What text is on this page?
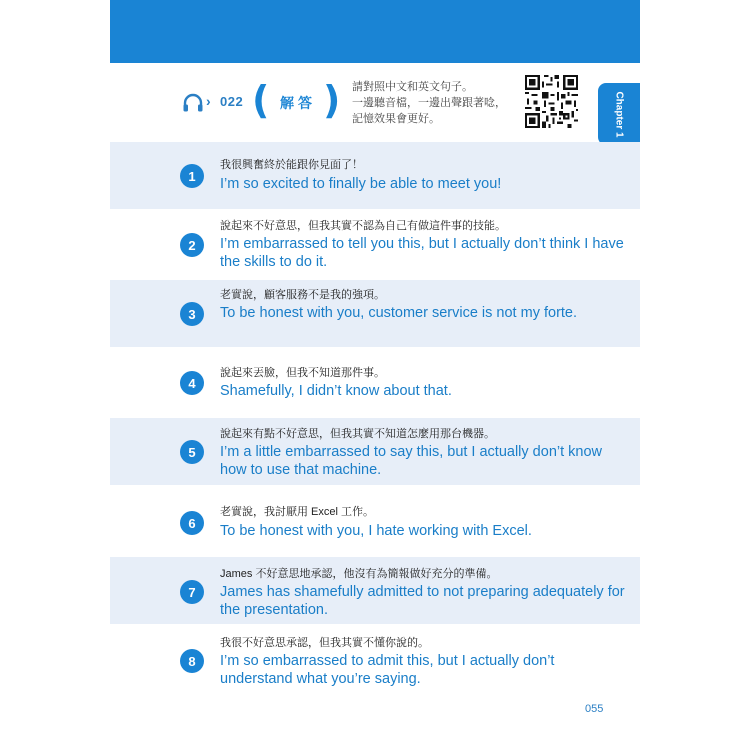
› 022 ( 解答 ) 請對照中文和英文句子。
一邊聽音檔，一邊出聲跟著唸，
記憶效果會更好。	Chapter 1
1
我很興奮終於能跟你見面了！
I’m so excited to finally be able to meet you!
2
說起來不好意思，但我其實不認為自己有做這件事的技能。
I’m embarrassed to tell you this, but I actually don’t think I have the skills to do it.
3
老實說，顧客服務不是我的強項。
To be honest with you, customer service is not my forte.
4
說起來丟臉，但我不知道那件事。
Shamefully, I didn’t know about that.
5
說起來有點不好意思，但我其實不知道怎麼用那台機器。
I’m a little embarrassed to say this, but I actually don’t know how to use that machine.
6
老實說，我討厭用 Excel 工作。
To be honest with you, I hate working with Excel.
7
James 不好意思地承認，他沒有為簡報做好充分的準備。
James has shamefully admitted to not preparing adequately for the presentation.
8
我很不好意思承認，但我其實不懂你說的。
I’m so embarrassed to admit this, but I actually don’t understand what you’re saying.
055
